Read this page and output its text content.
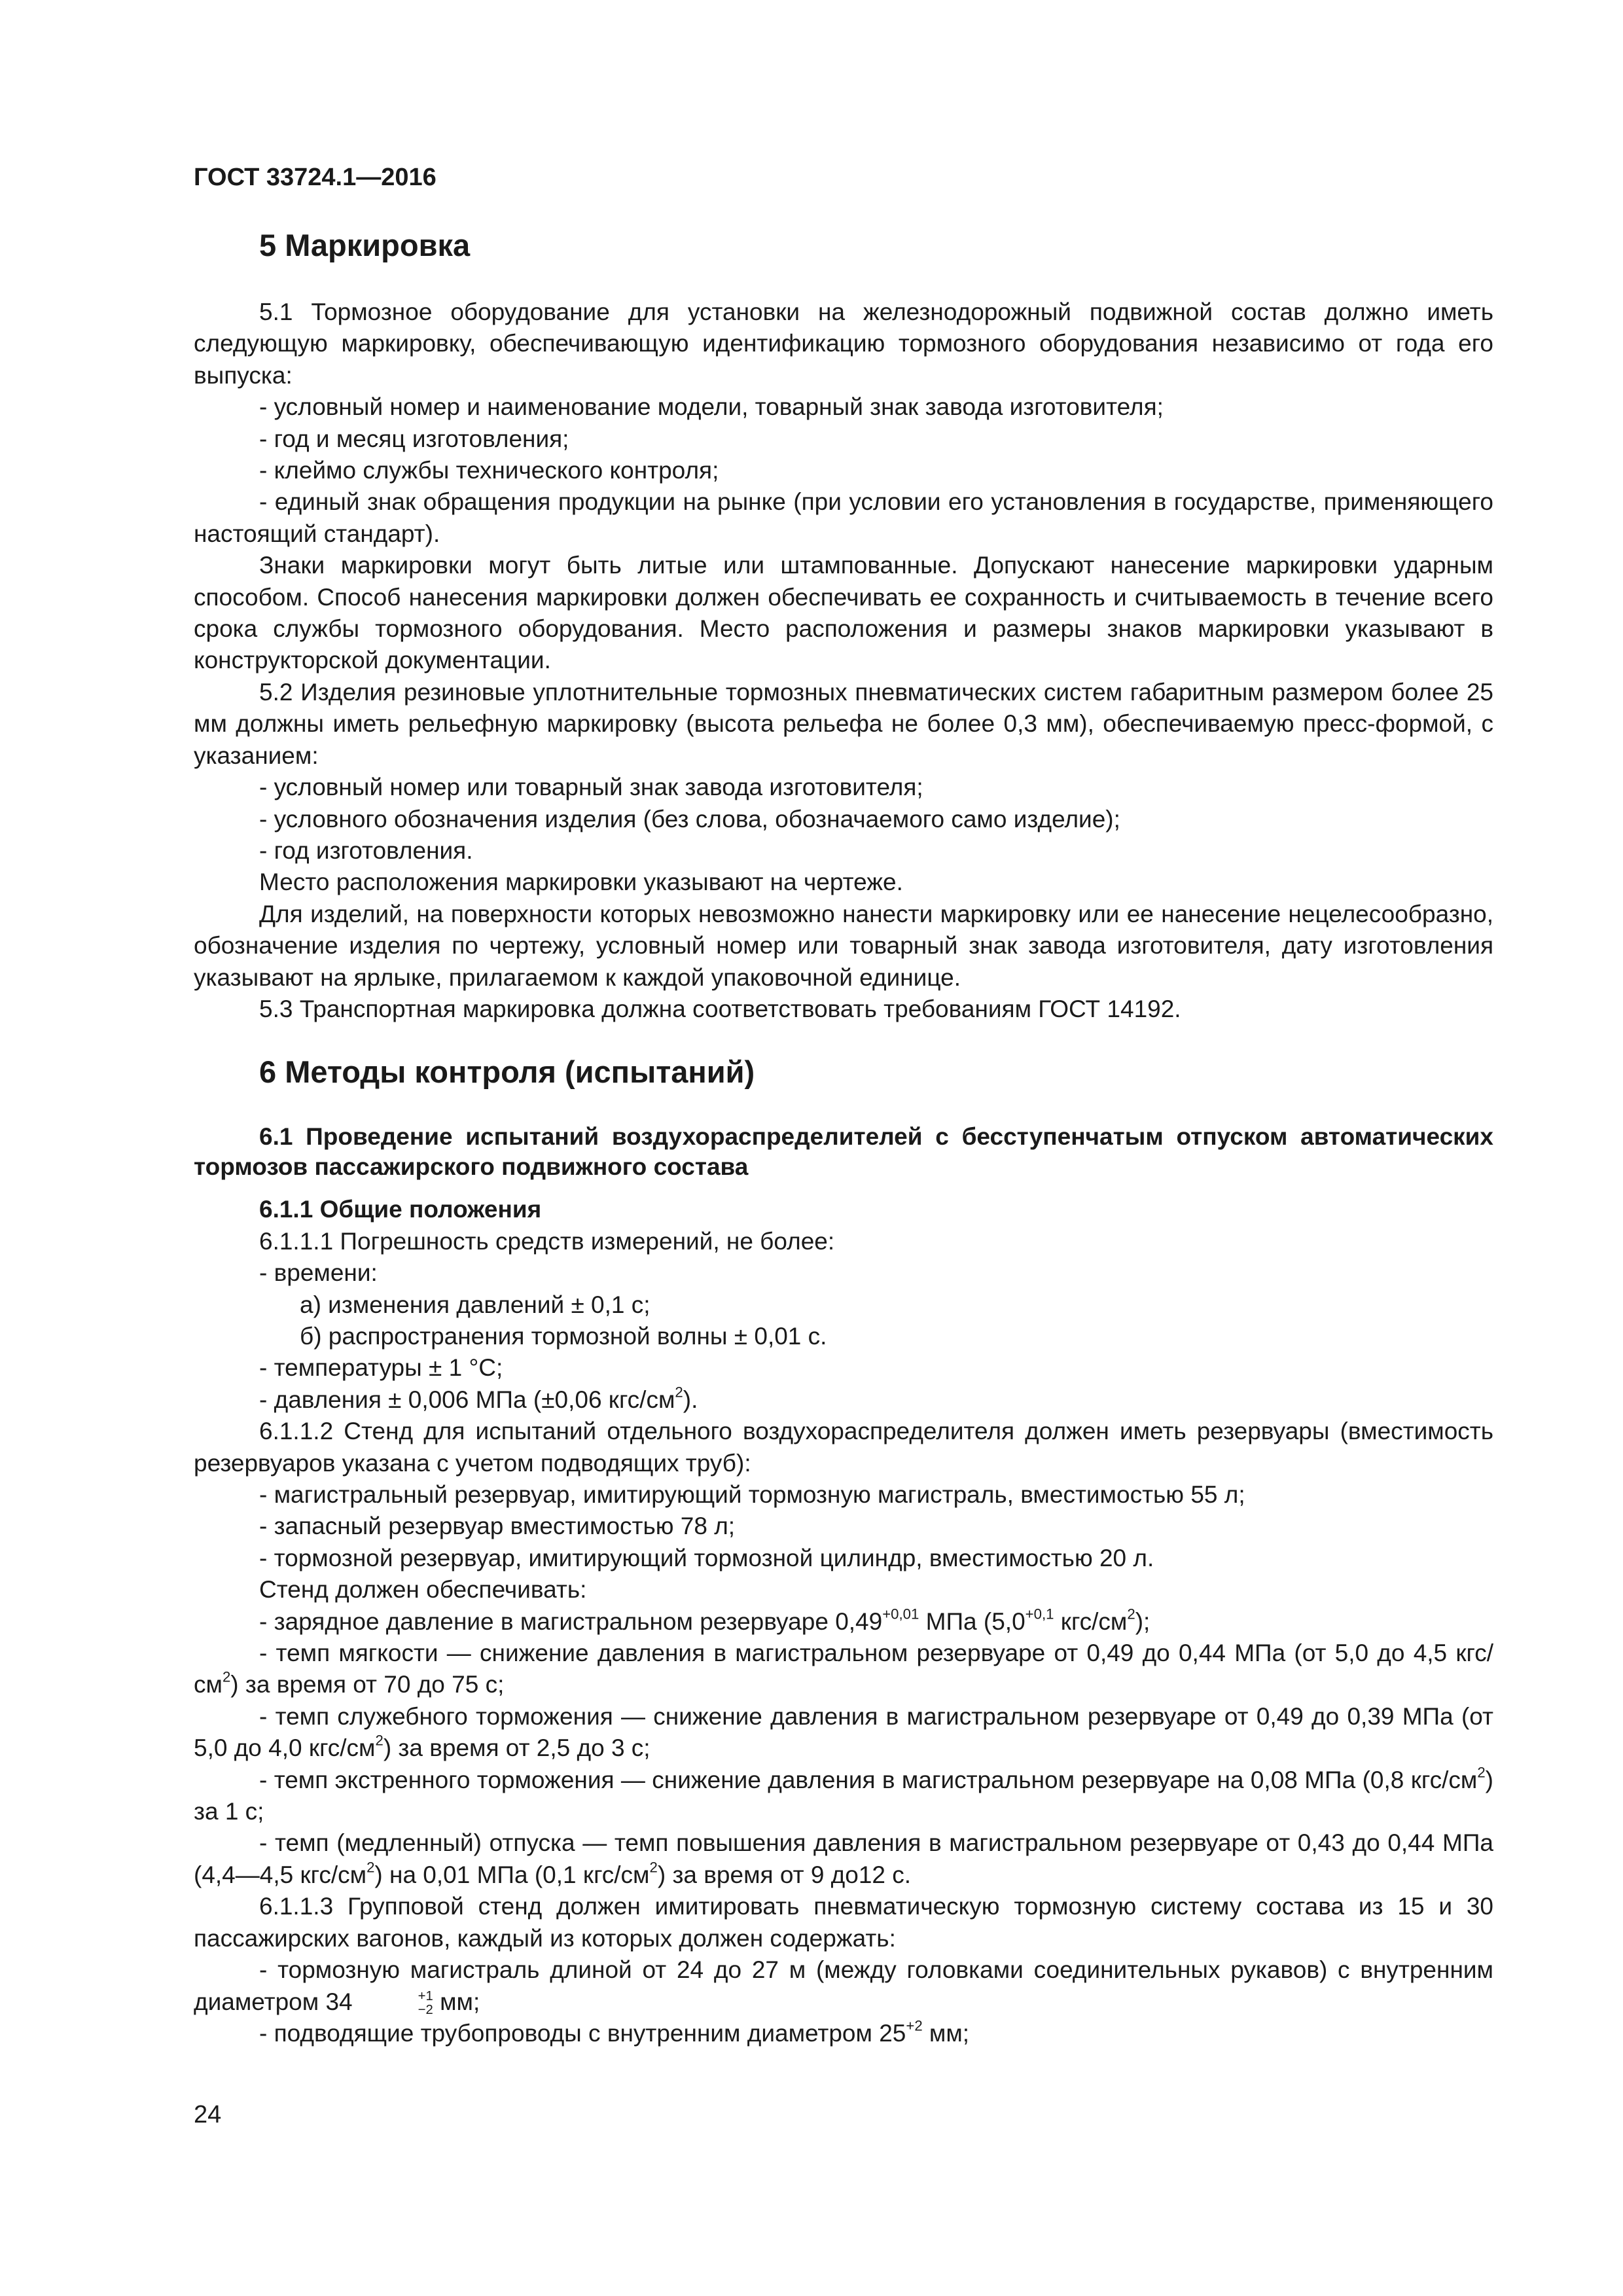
ГОСТ 33724.1—2016
5 Маркировка

5.1 Тормозное оборудование для установки на железнодорожный подвижной состав должно иметь следующую маркировку, обеспечивающую идентификацию тормозного оборудования независимо от года его выпуска:

- условный номер и наименование модели, товарный знак завода изготовителя;

- год и месяц изготовления;

- клеймо службы технического контроля;

- единый знак обращения продукции на рынке (при условии его установления в государстве, применяющего настоящий стандарт).

Знаки маркировки могут быть литые или штампованные. Допускают нанесение маркировки ударным способом. Способ нанесения маркировки должен обеспечивать ее сохранность и считываемость в течение всего срока службы тормозного оборудования. Место расположения и размеры знаков маркировки указывают в конструкторской документации.

5.2 Изделия резиновые уплотнительные тормозных пневматических систем габаритным размером более 25 мм должны иметь рельефную маркировку (высота рельефа не более 0,3 мм), обеспечиваемую пресс-формой, с указанием:

- условный номер или товарный знак завода изготовителя;

- условного обозначения изделия (без слова, обозначаемого само изделие);

- год изготовления.

Место расположения маркировки указывают на чертеже.

Для изделий, на поверхности которых невозможно нанести маркировку или ее нанесение нецелесообразно, обозначение изделия по чертежу, условный номер или товарный знак завода изготовителя, дату изготовления указывают на ярлыке, прилагаемом к каждой упаковочной единице.

5.3 Транспортная маркировка должна соответствовать требованиям ГОСТ 14192.

6 Методы контроля (испытаний)

6.1 Проведение испытаний воздухораспределителей с бесступенчатым отпуском автоматических тормозов пассажирского подвижного состава

6.1.1 Общие положения

6.1.1.1 Погрешность средств измерений, не более:

- времени:

а) изменения давлений ± 0,1 с;

б) распространения тормозной волны ± 0,01 с.

- температуры ± 1 °С;

- давления ± 0,006 МПа (±0,06 кгс/$см^2$).

6.1.1.2 Стенд для испытаний отдельного воздухораспределителя должен иметь резервуары (вместимость резервуаров указана с учетом подводящих труб):

- магистральный резервуар, имитирующий тормозную магистраль, вместимостью 55 л;

- запасный резервуар вместимостью 78 л;

- тормозной резервуар, имитирующий тормозной цилиндр, вместимостью 20 л.

Стенд должен обеспечивать:

- зарядное давление в магистральном резервуаре $0,49^{+0,01}$ МПа ($5,0^{+0,1}$ кгс/$см^2$);

- темп мягкости — снижение давления в магистральном резервуаре от 0,49 до 0,44 МПа (от 5,0 до 4,5 кгс/$см^2$) за время от 70 до 75 с;

- темп служебного торможения — снижение давления в магистральном резервуаре от 0,49 до 0,39 МПа (от 5,0 до 4,0 кгс/$см^2$) за время от 2,5 до 3 с;

- темп экстренного торможения — снижение давления в магистральном резервуаре на 0,08 МПа (0,8 кгс/$см^2$) за 1 с;

- темп (медленный) отпуска — темп повышения давления в магистральном резервуаре от 0,43 до 0,44 МПа (4,4—4,5 кгс/$см^2$) на 0,01 МПа (0,1 кгс/$см^2$) за время от 9 до12 с.

6.1.1.3 Групповой стенд должен имитировать пневматическую тормозную систему состава из 15 и 30 пассажирских вагонов, каждый из которых должен содержать:

- тормозную магистраль длиной от 24 до 27 м (между головками соединительных рукавов) с внутренним диаметром 34	+1
−2 мм;

- подводящие трубопроводы с внутренним диаметром $25^{+2}$ мм;

24
